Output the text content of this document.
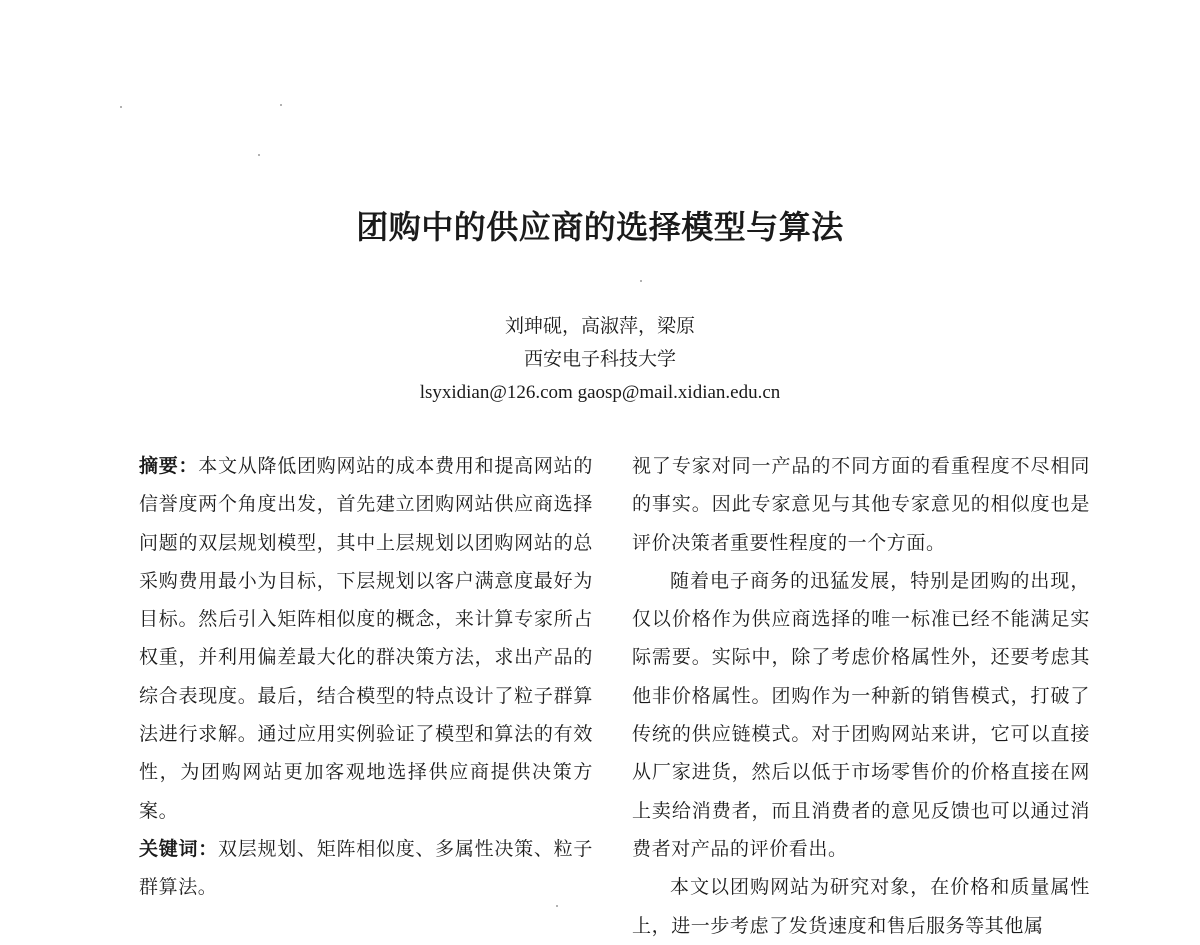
团购中的供应商的选择模型与算法
刘珅砚，高淑萍，梁原
西安电子科技大学
lsyxidian@126.com gaosp@mail.xidian.edu.cn

摘要：本文从降低团购网站的成本费用和提高网站的信誉度两个角度出发，首先建立团购网站供应商选择问题的双层规划模型，其中上层规划以团购网站的总采购费用最小为目标，下层规划以客户满意度最好为目标。然后引入矩阵相似度的概念，来计算专家所占权重，并利用偏差最大化的群决策方法，求出产品的综合表现度。最后，结合模型的特点设计了粒子群算法进行求解。通过应用实例验证了模型和算法的有效性，为团购网站更加客观地选择供应商提供决策方案。

关键词：双层规划、矩阵相似度、多属性决策、粒子群算法。

视了专家对同一产品的不同方面的看重程度不尽相同的事实。因此专家意见与其他专家意见的相似度也是评价决策者重要性程度的一个方面。

随着电子商务的迅猛发展，特别是团购的出现，仅以价格作为供应商选择的唯一标准已经不能满足实际需要。实际中，除了考虑价格属性外，还要考虑其他非价格属性。团购作为一种新的销售模式，打破了传统的供应链模式。对于团购网站来讲，它可以直接从厂家进货，然后以低于市场零售价的价格直接在网上卖给消费者，而且消费者的意见反馈也可以通过消费者对产品的评价看出。

本文以团购网站为研究对象，在价格和质量属性上，进一步考虑了发货速度和售后服务等其他属
